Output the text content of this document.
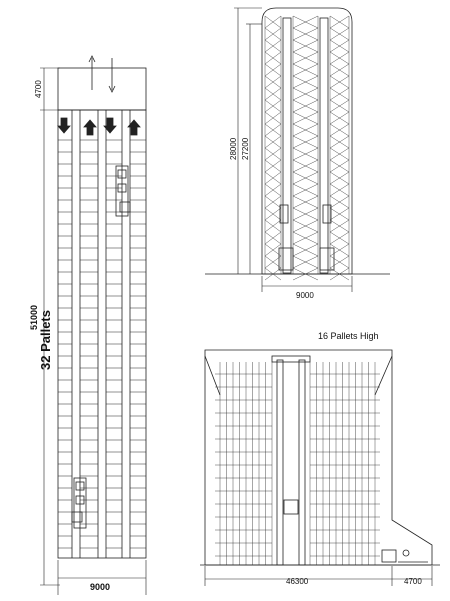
4700
51000 32 Pallets
9000
28000 27200
9000
16 Pallets High
46300	4700
